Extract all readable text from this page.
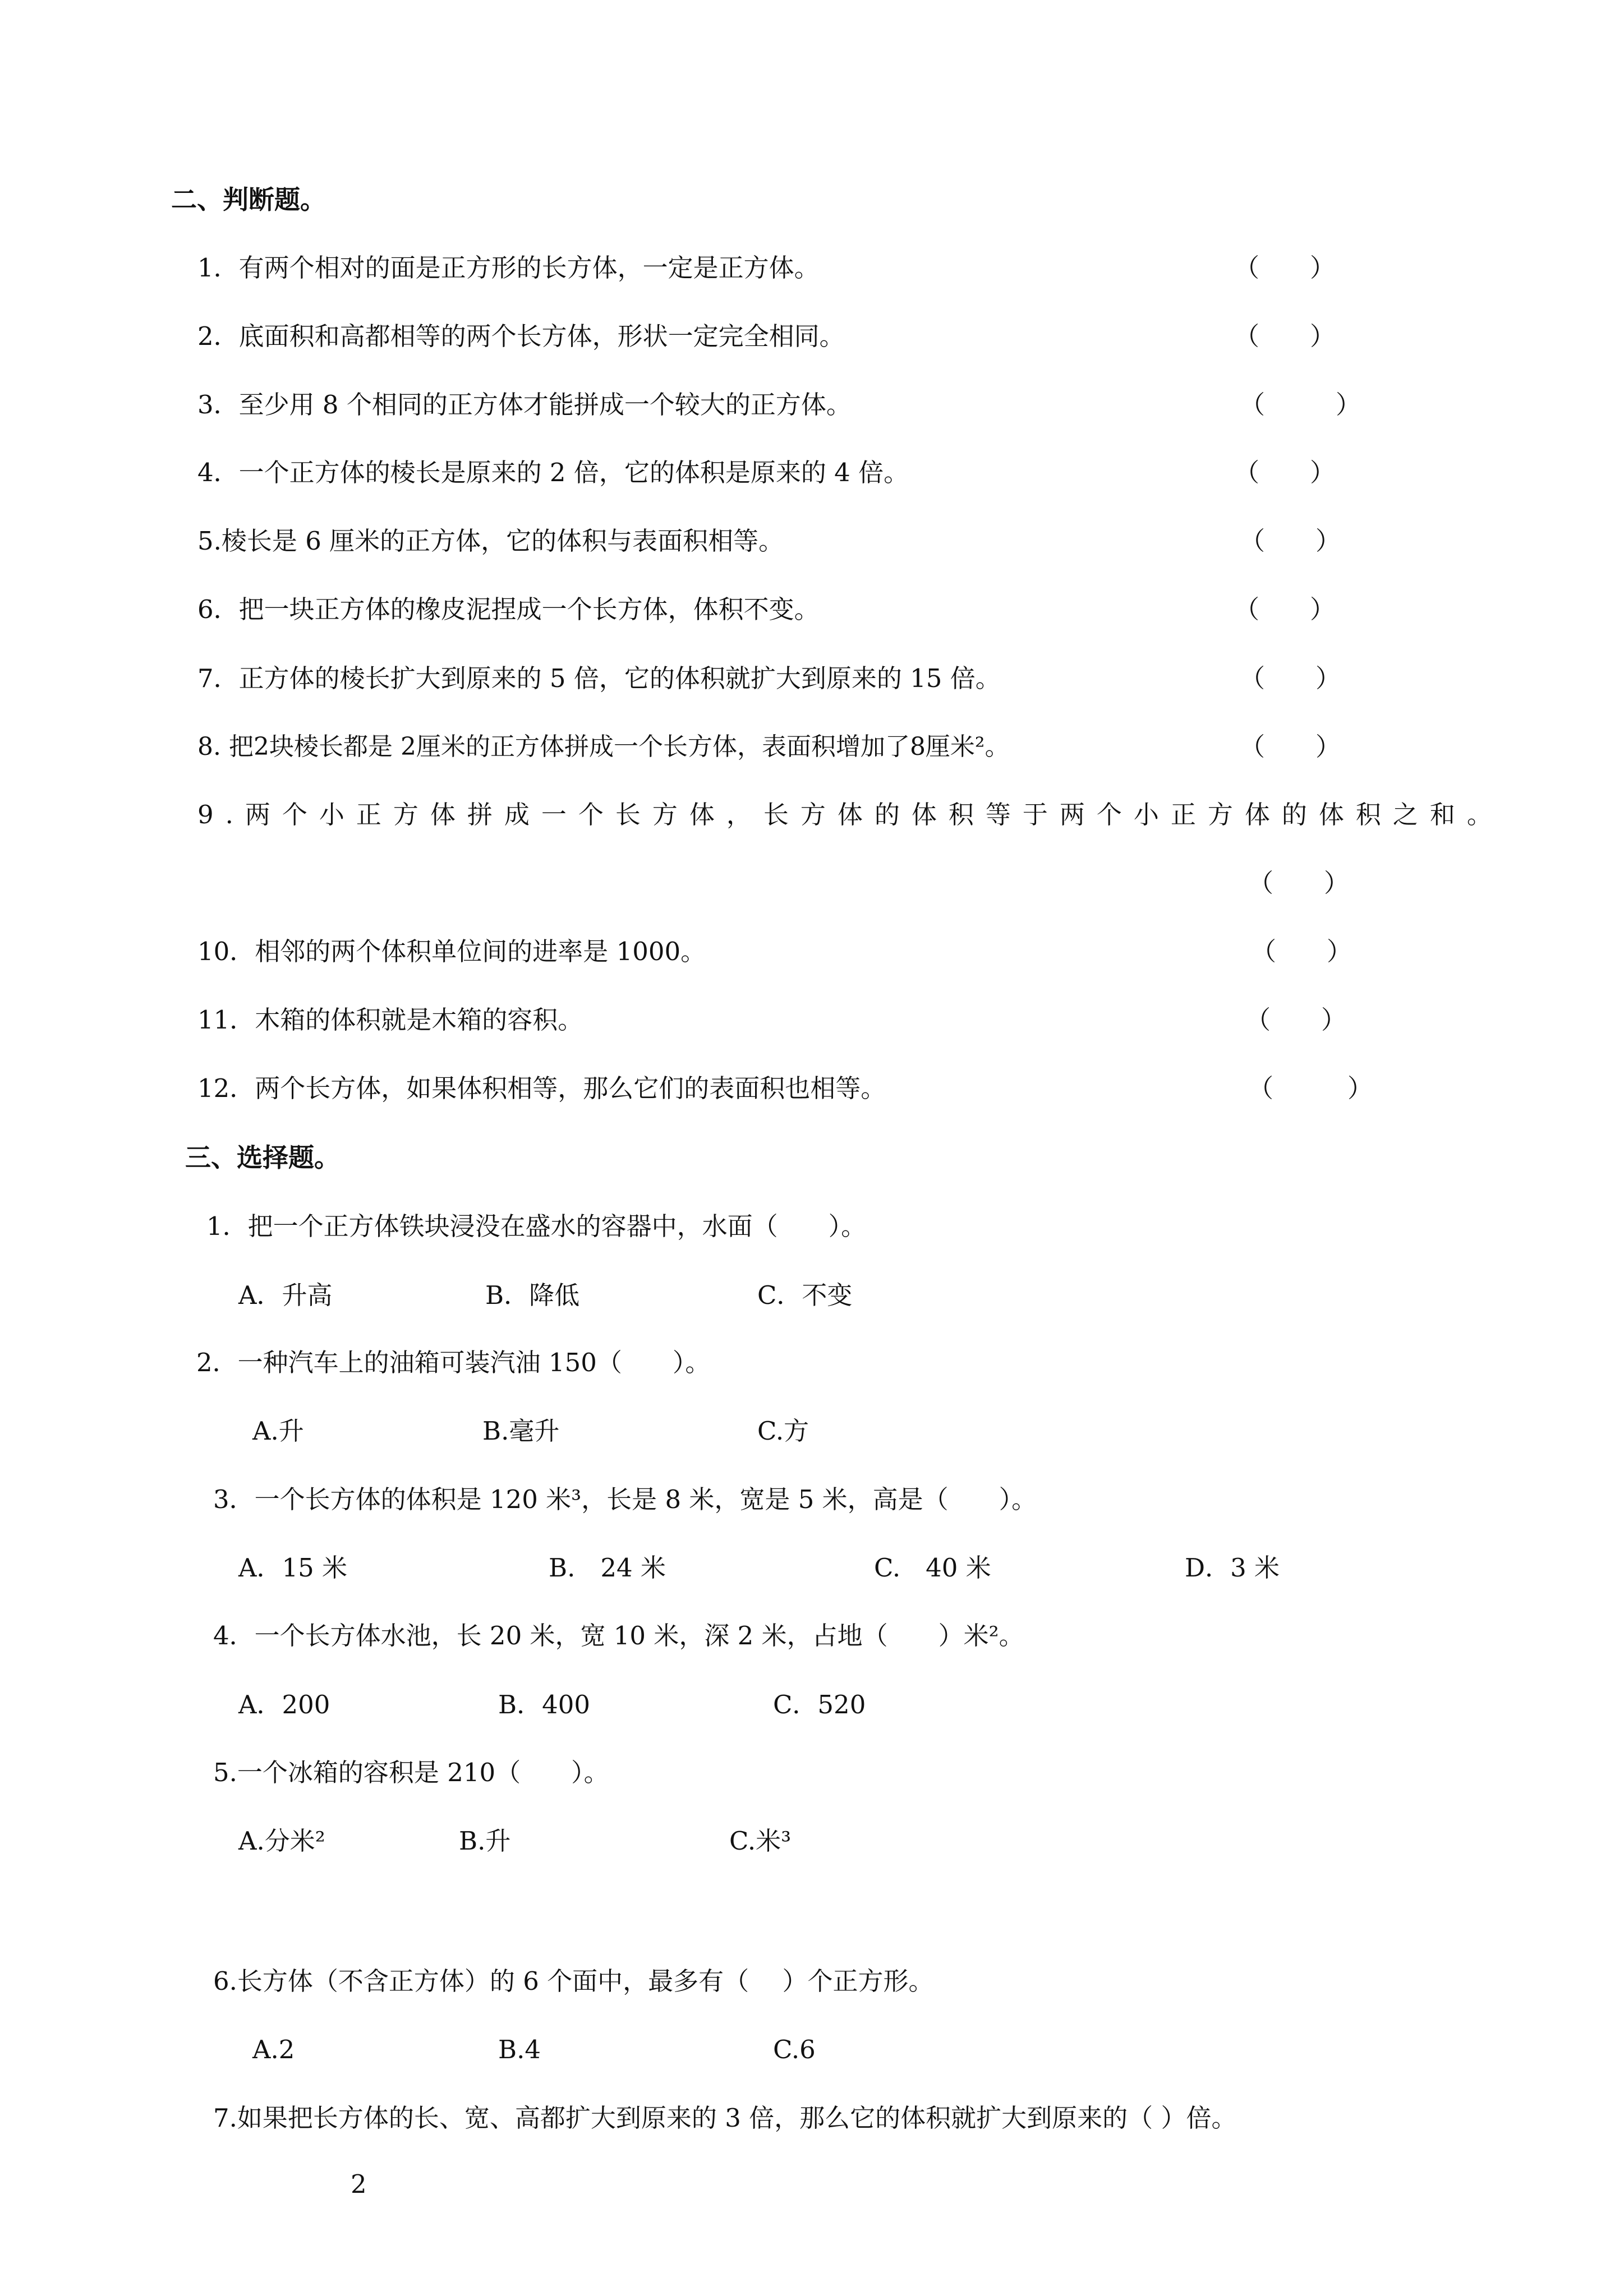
二、判断题。
1．有两个相对的面是正方形的长方体，一定是正方体。	（　　）
2．底面积和高都相等的两个长方体，形状一定完全相同。	（　　）
3．至少用 8 个相同的正方体才能拼成一个较大的正方体。	（　　）
4．一个正方体的棱长是原来的 2 倍，它的体积是原来的 4 倍。	（　　）
5.棱长是 6 厘米的正方体，它的体积与表面积相等。	（　　）
6．把一块正方体的橡皮泥捏成一个长方体，体积不变。	（　　）
7．正方体的棱长扩大到原来的 5 倍，它的体积就扩大到原来的 15 倍。	（　　）
8. 把2块棱长都是 2厘米的正方体拼成一个长方体，表面积增加了8厘米²。	（　　）
9.两个小正方体拼成一个长方体，长方体的体积等于两个小正方体的体积之和。
（　　）
10．相邻的两个体积单位间的进率是 1000。	（　　）
11．木箱的体积就是木箱的容积。	（　　）
12．两个长方体，如果体积相等，那么它们的表面积也相等。	（　　）
三、选择题。
1．把一个正方体铁块浸没在盛水的容器中，水面（　　）。
A．升高	B．降低	C．不变
2．一种汽车上的油箱可装汽油 150（　　）。
A.升	B.毫升	C.方
3．一个长方体的体积是 120 米³，长是 8 米，宽是 5 米，高是（　　）。
A．15 米	B.　24 米	C.　40 米	D．3 米
4．一个长方体水池，长 20 米，宽 10 米，深 2 米，占地（　　）米²。
A．200	B．400	C．520
5.一个冰箱的容积是 210（　　）。
A.分米²	B.升	C.米³
6.长方体（不含正方体）的 6 个面中，最多有（　 ）个正方形。
A.2	B.4	C.6
7.如果把长方体的长、宽、高都扩大到原来的 3 倍，那么它的体积就扩大到原来的（ ）倍。
2
